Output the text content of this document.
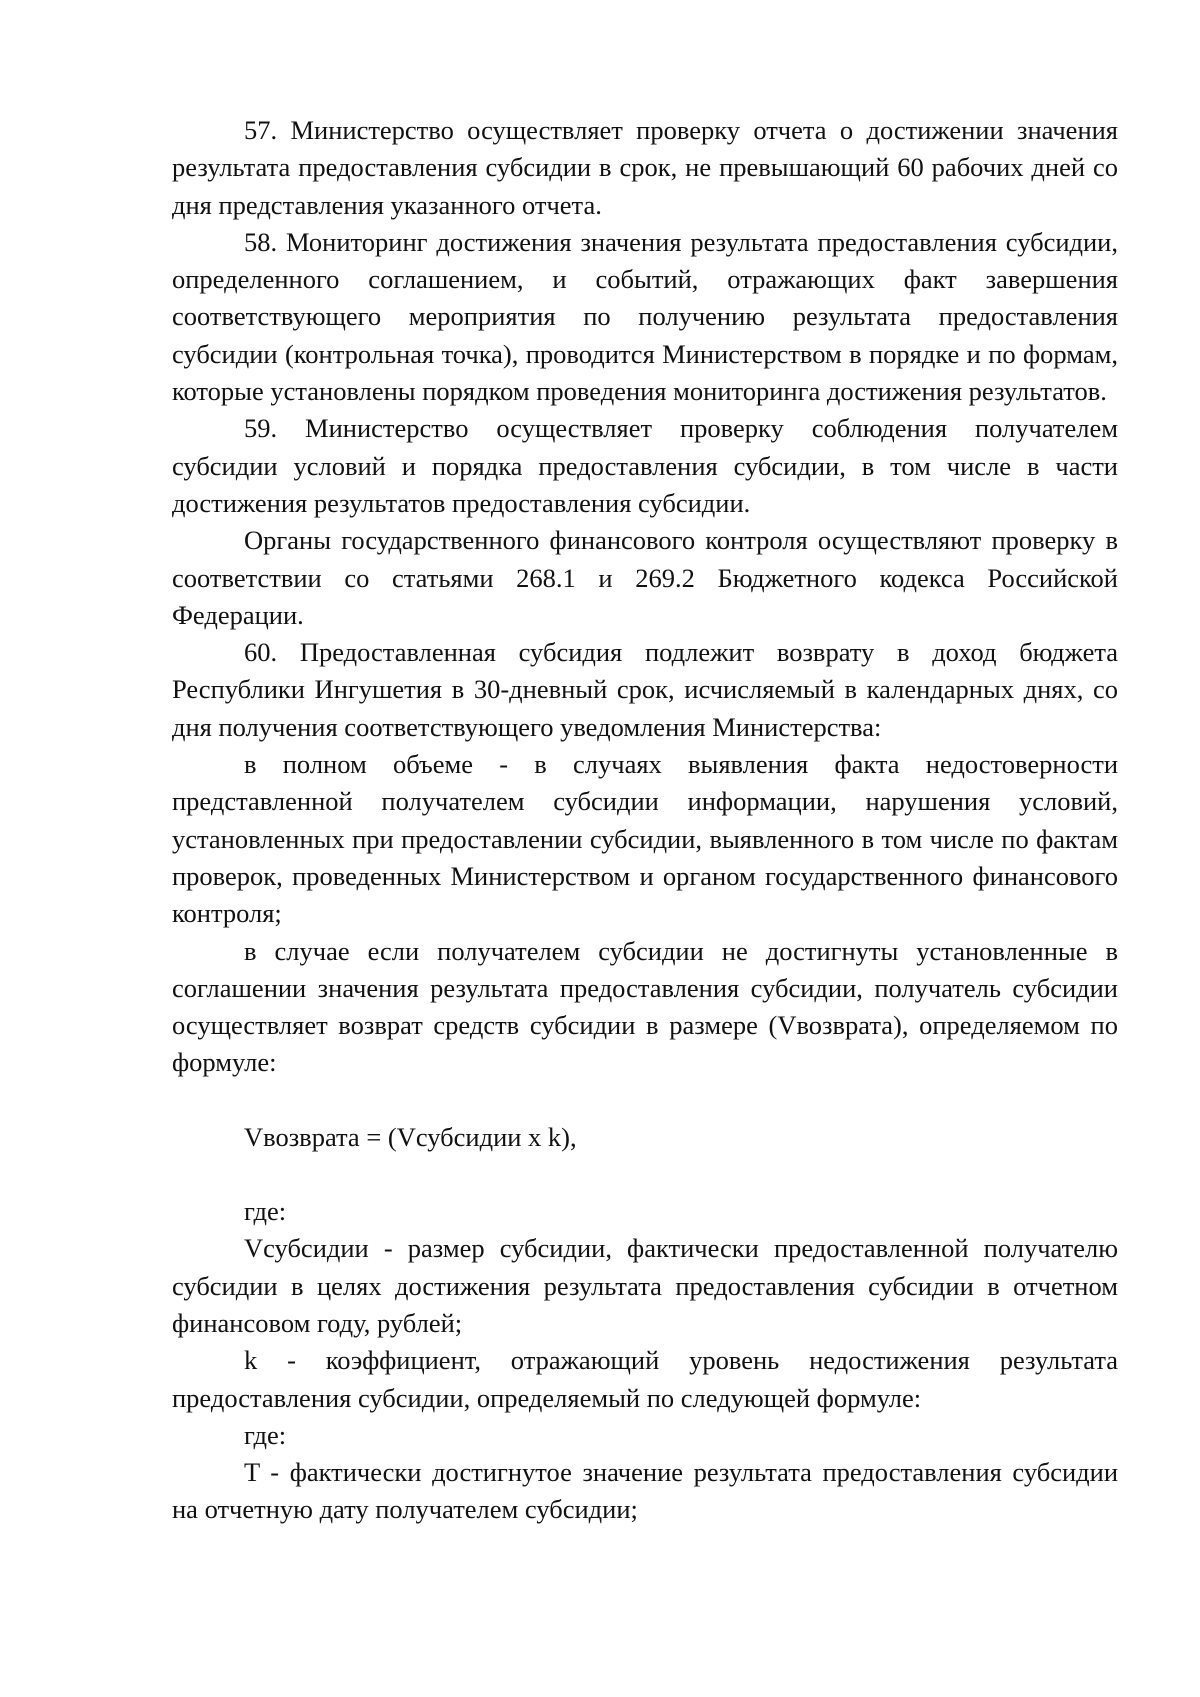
57. Министерство осуществляет проверку отчета о достижении значения результата предоставления субсидии в срок, не превышающий 60 рабочих дней со дня представления указанного отчета.

58. Мониторинг достижения значения результата предоставления субсидии, определенного соглашением, и событий, отражающих факт завершения соответствующего мероприятия по получению результата предоставления субсидии (контрольная точка), проводится Министерством в порядке и по формам, которые установлены порядком проведения мониторинга достижения результатов.

59. Министерство осуществляет проверку соблюдения получателем субсидии условий и порядка предоставления субсидии, в том числе в части достижения результатов предоставления субсидии.

Органы государственного финансового контроля осуществляют проверку в соответствии со статьями 268.1 и 269.2 Бюджетного кодекса Российской Федерации.

60. Предоставленная субсидия подлежит возврату в доход бюджета Республики Ингушетия в 30-дневный срок, исчисляемый в календарных днях, со дня получения соответствующего уведомления Министерства:

в полном объеме - в случаях выявления факта недостоверности представленной получателем субсидии информации, нарушения условий, установленных при предоставлении субсидии, выявленного в том числе по фактам проверок, проведенных Министерством и органом государственного финансового контроля;

в случае если получателем субсидии не достигнуты установленные в соглашении значения результата предоставления субсидии, получатель субсидии осуществляет возврат средств субсидии в размере (Vвозврата), определяемом по формуле:

Vвозврата = (Vсубсидии x k),

где:

Vсубсидии - размер субсидии, фактически предоставленной получателю субсидии в целях достижения результата предоставления субсидии в отчетном финансовом году, рублей;

k - коэффициент, отражающий уровень недостижения результата предоставления субсидии, определяемый по следующей формуле:

где:

T - фактически достигнутое значение результата предоставления субсидии на отчетную дату получателем субсидии;
